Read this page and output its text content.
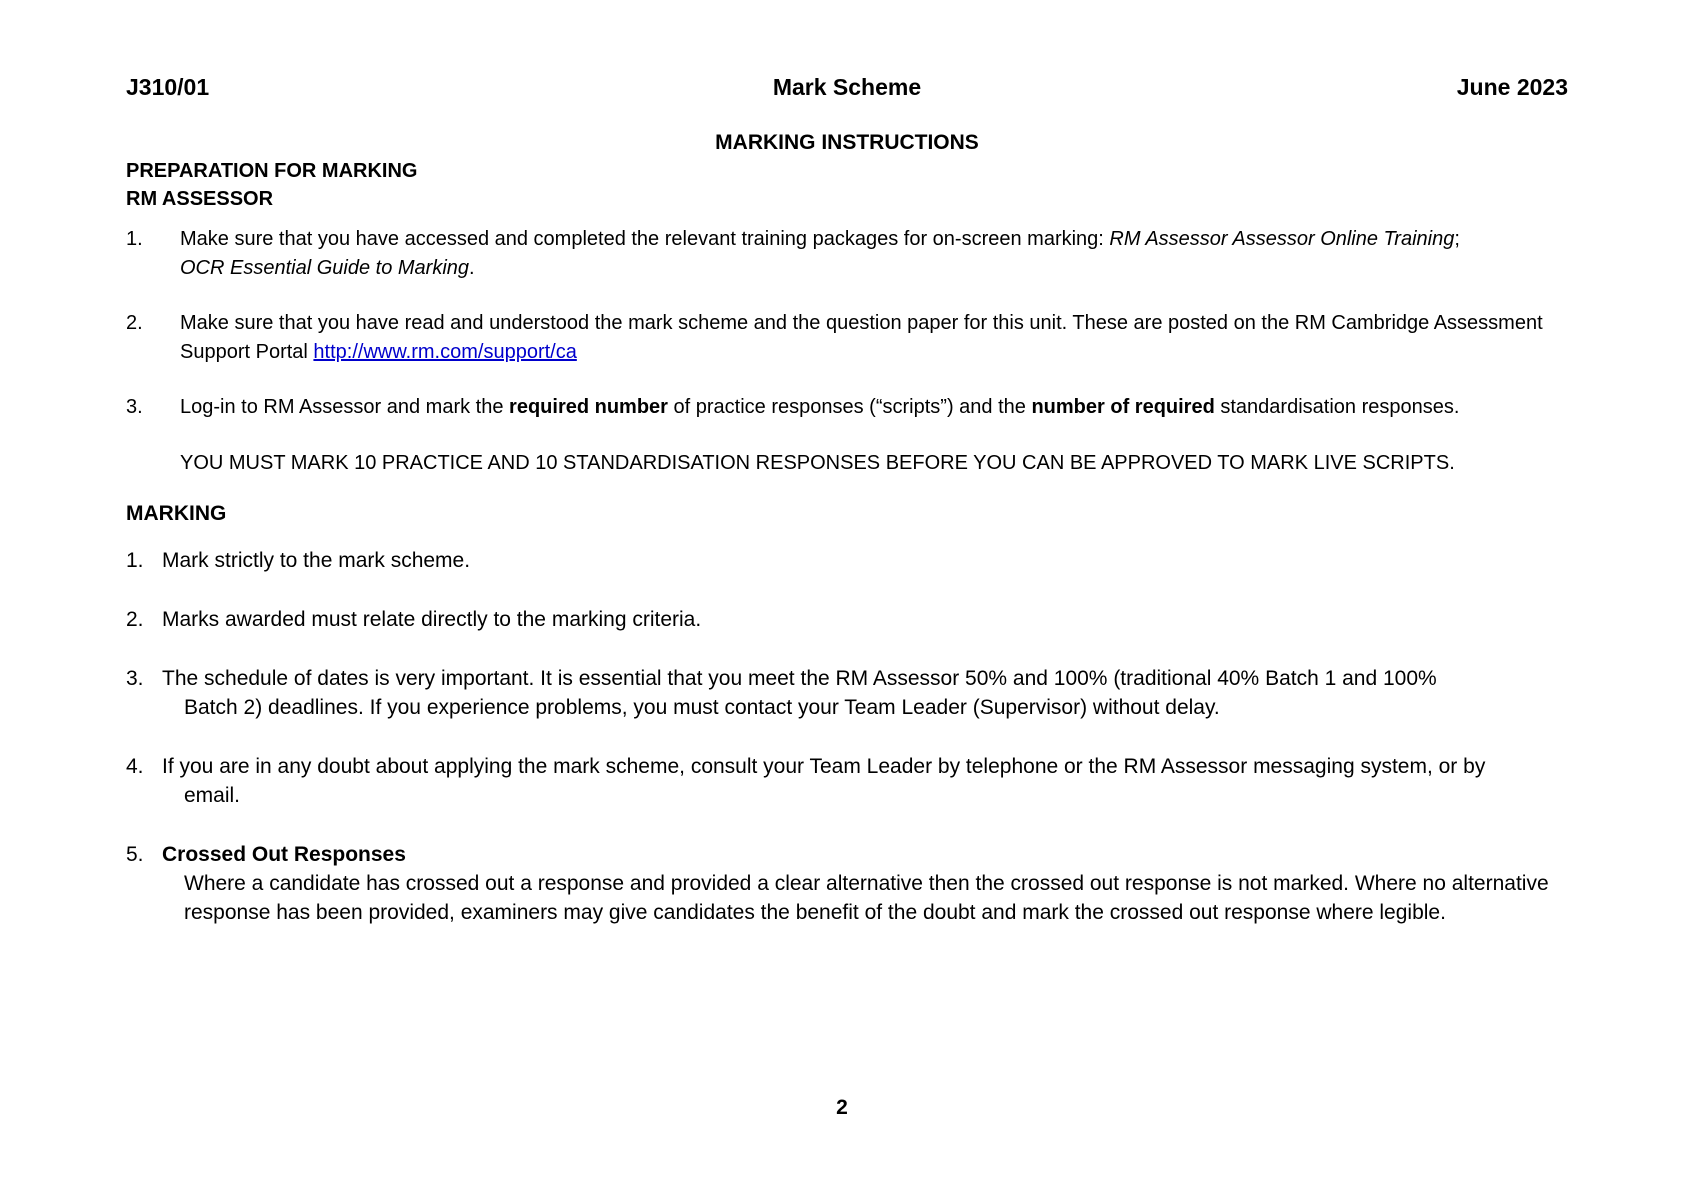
J310/01	Mark Scheme	June 2023
MARKING INSTRUCTIONS
PREPARATION FOR MARKING
RM ASSESSOR
1. Make sure that you have accessed and completed the relevant training packages for on-screen marking: RM Assessor Assessor Online Training;
OCR Essential Guide to Marking.
2. Make sure that you have read and understood the mark scheme and the question paper for this unit. These are posted on the RM Cambridge Assessment Support Portal http://www.rm.com/support/ca
3. Log-in to RM Assessor and mark the required number of practice responses (“scripts”) and the number of required standardisation responses.
YOU MUST MARK 10 PRACTICE AND 10 STANDARDISATION RESPONSES BEFORE YOU CAN BE APPROVED TO MARK LIVE SCRIPTS.
MARKING
1. Mark strictly to the mark scheme.
2. Marks awarded must relate directly to the marking criteria.
3. The schedule of dates is very important. It is essential that you meet the RM Assessor 50% and 100% (traditional 40% Batch 1 and 100%
Batch 2) deadlines. If you experience problems, you must contact your Team Leader (Supervisor) without delay.
4. If you are in any doubt about applying the mark scheme, consult your Team Leader by telephone or the RM Assessor messaging system, or by
email.
5. Crossed Out Responses
Where a candidate has crossed out a response and provided a clear alternative then the crossed out response is not marked. Where no alternative response has been provided, examiners may give candidates the benefit of the doubt and mark the crossed out response where legible.
2
